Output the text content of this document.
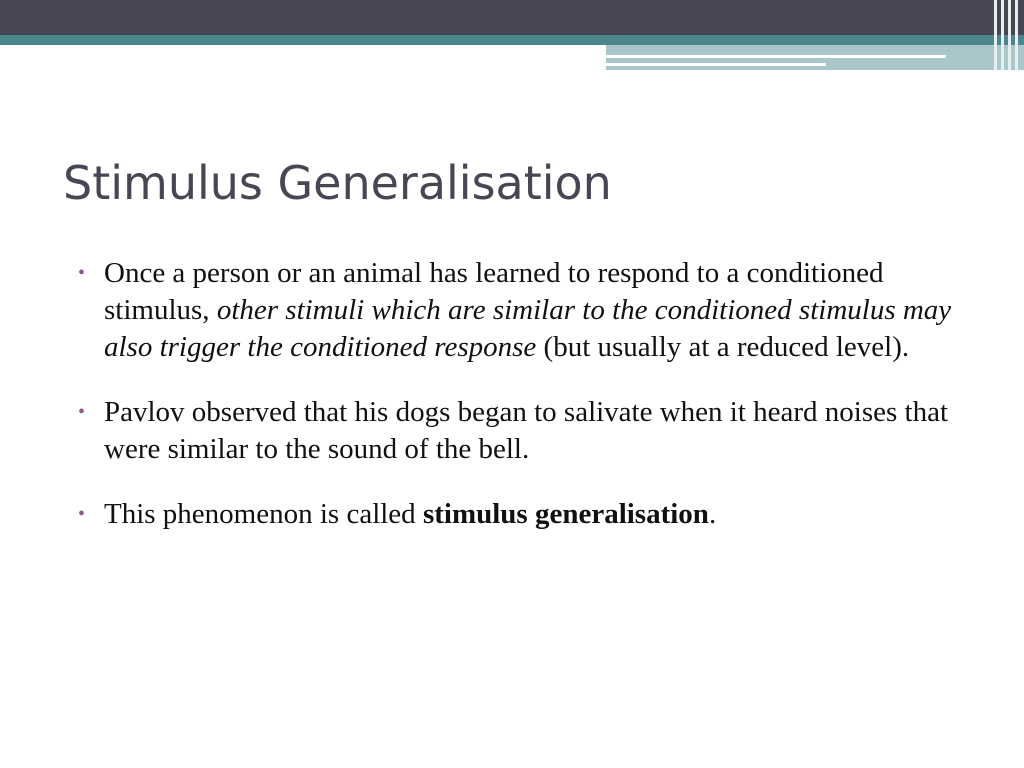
Stimulus Generalisation
• Once a person or an animal has learned to respond to a conditioned stimulus, other stimuli which are similar to the conditioned stimulus may also trigger the conditioned response (but usually at a reduced level).
• Pavlov observed that his dogs began to salivate when it heard noises that were similar to the sound of the bell.
• This phenomenon is called stimulus generalisation.
